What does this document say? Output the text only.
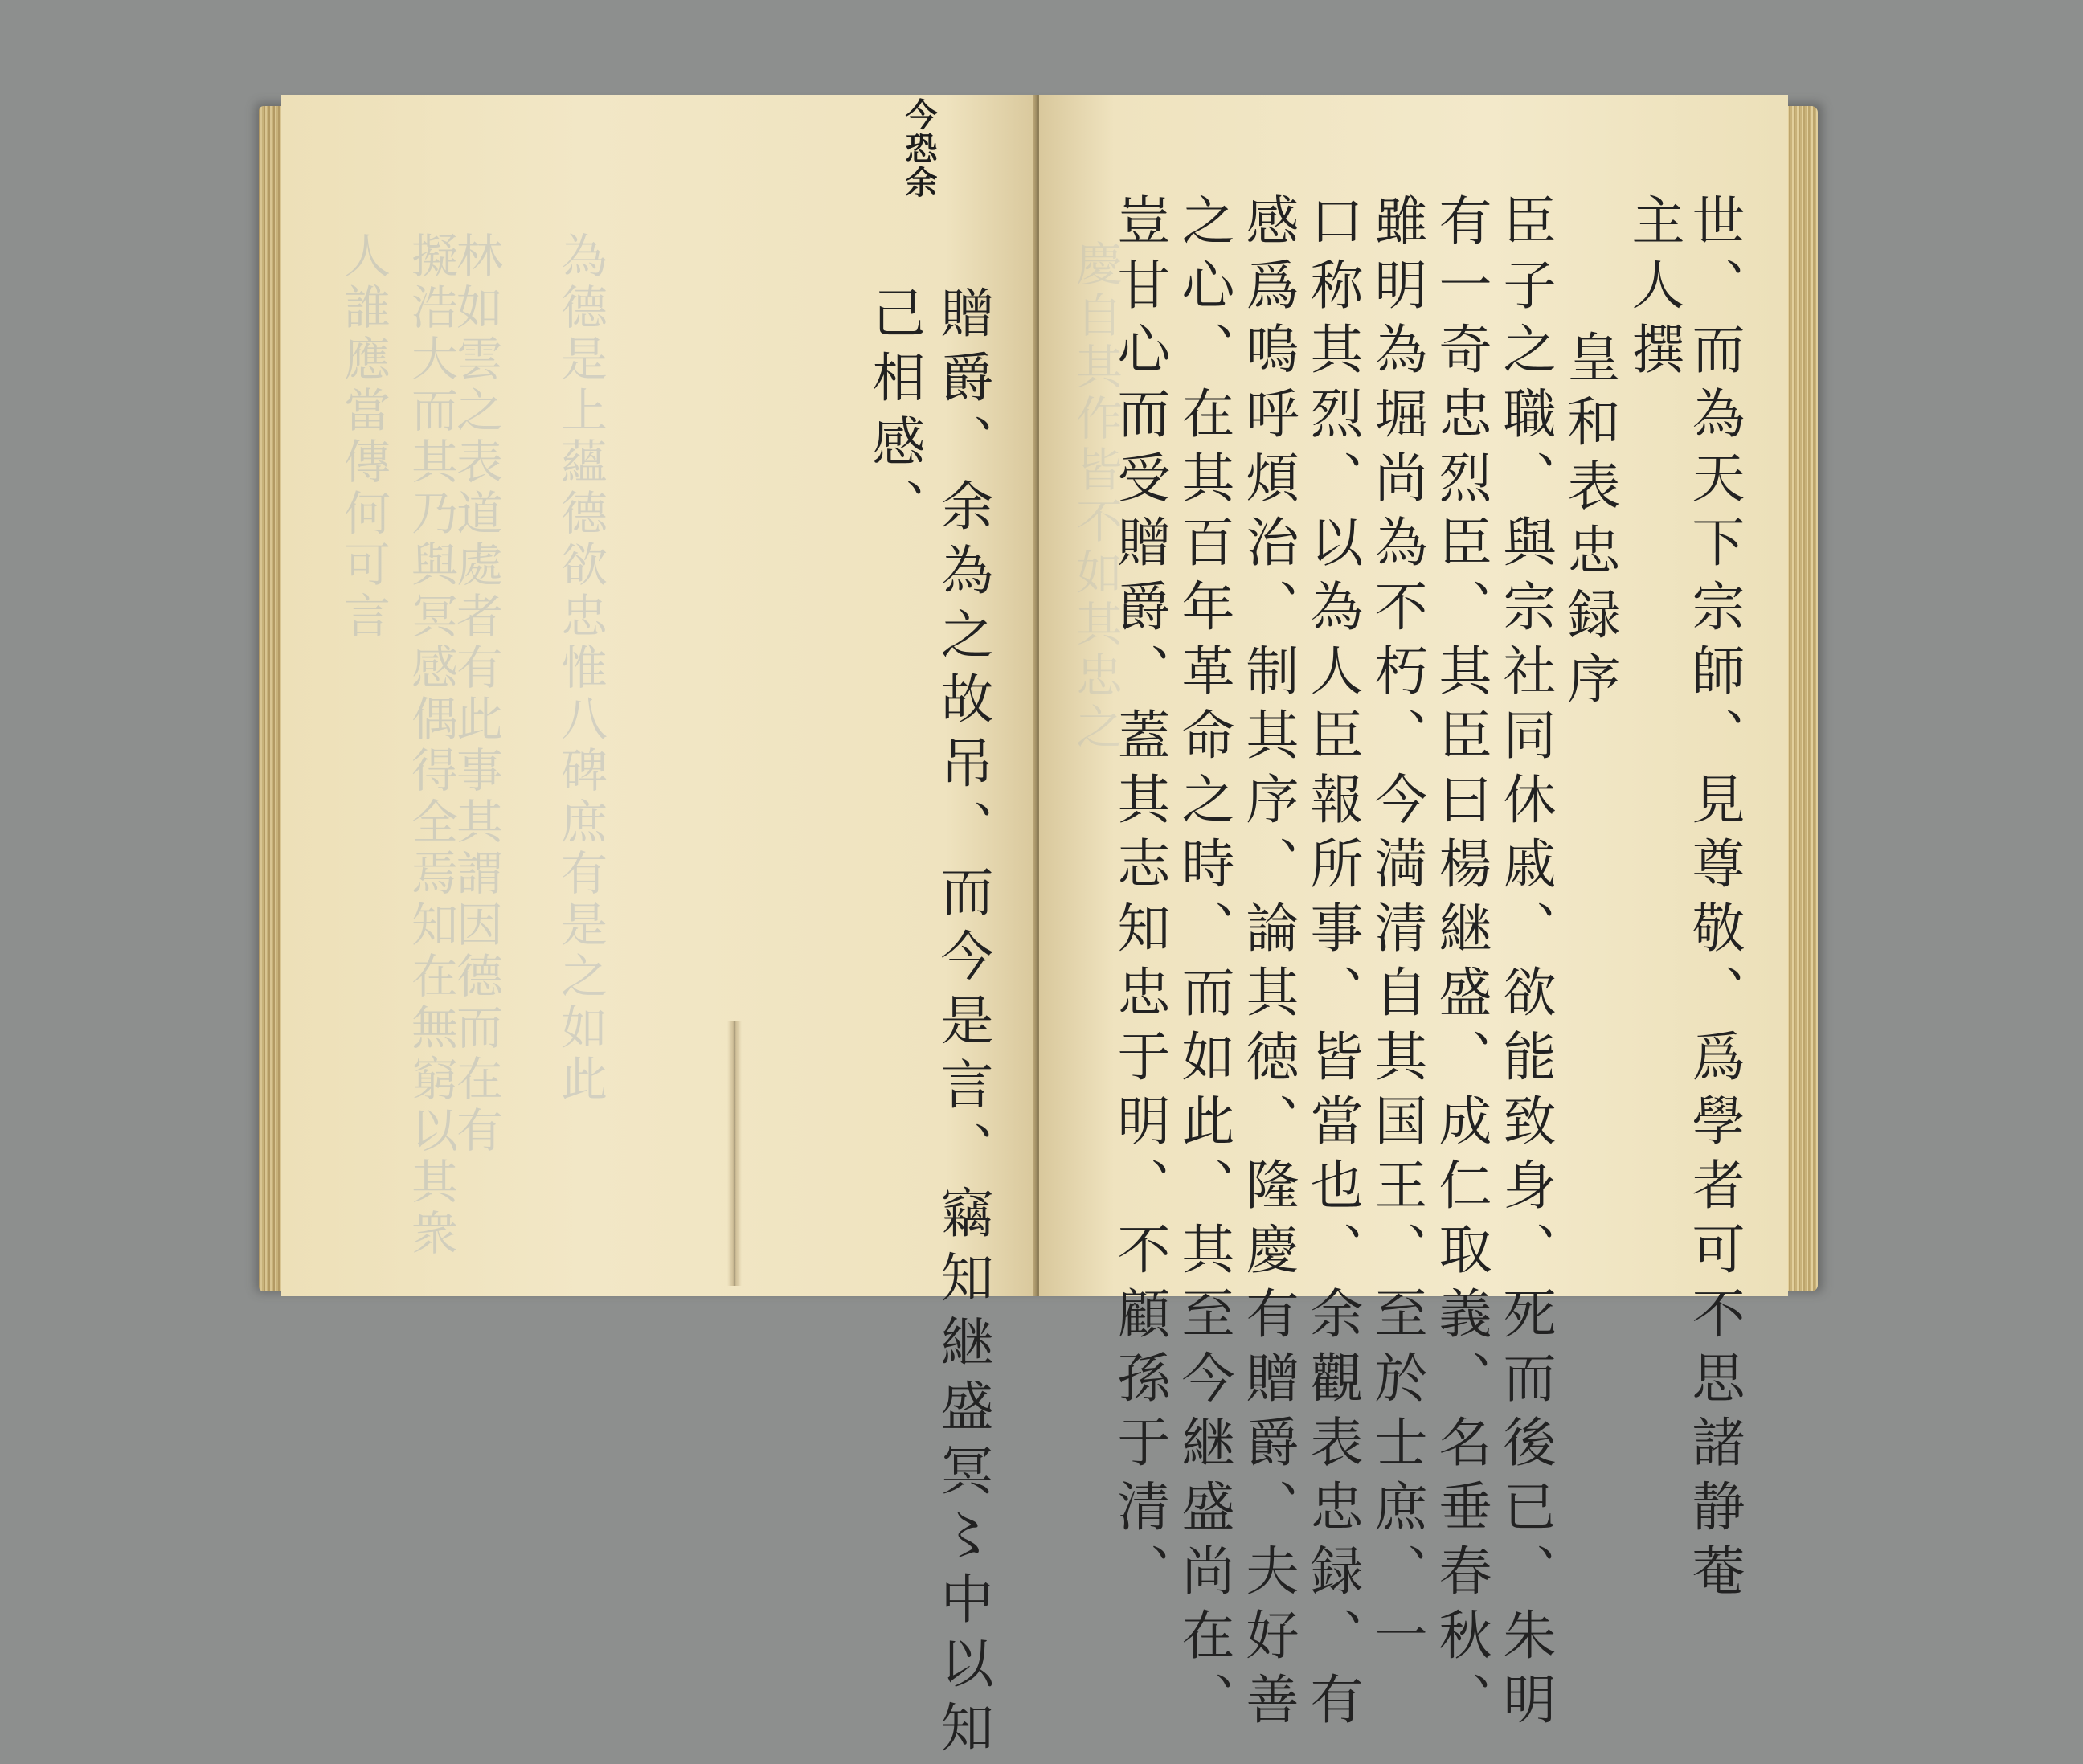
擬浩大而其乃與冥感偶得全焉知在無窮以其衆人誰應當傳何可言	林如雲之表道處者有此事其謂因德而在有 為德是上蘊德欲忠惟八碑庶有是之如此	慶自其作皆不如其忠之
今恐余
贈爵、余為之故吊、而今是言、竊知継盛冥〻中以知
己相感、	世、而為天下宗師、見尊敬、爲學者可不思諸静菴
主人撰
皇和表忠録序
臣子之職、與宗社同休戚、欲能致身、死而後已、朱明
有一奇忠烈臣、其臣曰楊継盛、成仁取義、名垂春秋、
雖明為堀尚為不朽、今満清自其国王、至於士庶、一
口称其烈、以為人臣報所事、皆當也、余觀表忠録、有
感爲嗚呼煩治、制其序、論其徳、隆慶有贈爵、夫好善
之心、在其百年革命之時、而如此、其至今継盛尚在、
豈甘心而受贈爵、蓋其志知忠于明、不顧孫于清、
